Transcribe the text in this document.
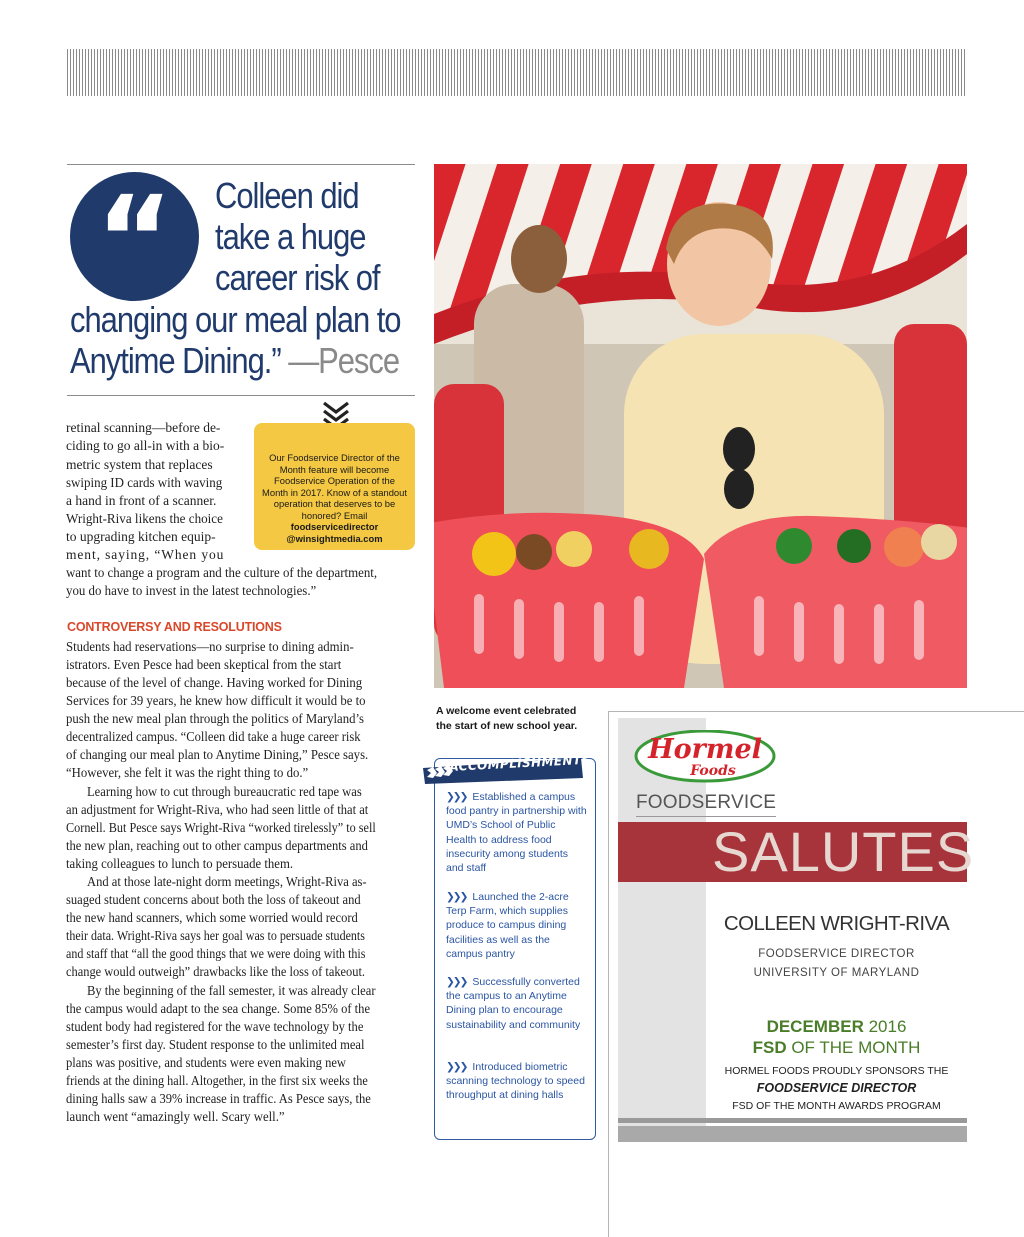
“	Colleen did
take a huge
career risk of
changing our meal plan to
Anytime Dining.” —Pesce
Our Foodservice Director of the Month feature will become Foodservice Operation of the Month in 2017. Know of a standout operation that deserves to be honored? Email foodservicedirector @winsightmedia.com
retinal scanning—before de-
ciding to go all-in with a bio-
metric system that replaces
swiping ID cards with waving
a hand in front of a scanner.
Wright-Riva likens the choice
to upgrading kitchen equip-
ment, saying, “When you
want to change a program and the culture of the department,
you do have to invest in the latest technologies.”
CONTROVERSY AND RESOLUTIONS
Students had reservations—no surprise to dining admin-
istrators. Even Pesce had been skeptical from the start
because of the level of change. Having worked for Dining
Services for 39 years, he knew how difficult it would be to
push the new meal plan through the politics of Maryland’s
decentralized campus. “Colleen did take a huge career risk
of changing our meal plan to Anytime Dining,” Pesce says.
“However, she felt it was the right thing to do.”
Learning how to cut through bureaucratic red tape was
an adjustment for Wright-Riva, who had seen little of that at
Cornell. But Pesce says Wright-Riva “worked tirelessly” to sell
the new plan, reaching out to other campus departments and
taking colleagues to lunch to persuade them.
And at those late-night dorm meetings, Wright-Riva as-
suaged student concerns about both the loss of takeout and
the new hand scanners, which some worried would record
their data. Wright-Riva says her goal was to persuade students
and staff that “all the good things that we were doing with this
change would outweigh” drawbacks like the loss of takeout.
By the beginning of the fall semester, it was already clear
the campus would adapt to the sea change. Some 85% of the
student body had registered for the wave technology by the
semester’s first day. Student response to the unlimited meal
plans was positive, and students were even making new
friends at the dining hall. Altogether, in the first six weeks the
dining halls saw a 39% increase in traffic. As Pesce says, the
launch went “amazingly well. Scary well.”
A welcome event celebrated
the start of new school year.
ACCOMPLISHMENTS
❯❯❯ Established a campus food pantry in partnership with UMD’s School of Public Health to address food insecurity among students and staff
❯❯❯ Launched the 2-acre Terp Farm, which supplies produce to campus dining facilities as well as the campus pantry
❯❯❯ Successfully converted the campus to an Anytime Dining plan to encourage sustainability and community
❯❯❯ Introduced biometric scanning technology to speed throughput at dining halls
Hormel
Foods
FOODSERVICE
SALUTES
COLLEEN WRIGHT-RIVA
FOODSERVICE DIRECTOR
UNIVERSITY OF MARYLAND
DECEMBER 2016
FSD OF THE MONTH
HORMEL FOODS PROUDLY SPONSORS THE
FOODSERVICE DIRECTOR
FSD OF THE MONTH AWARDS PROGRAM
